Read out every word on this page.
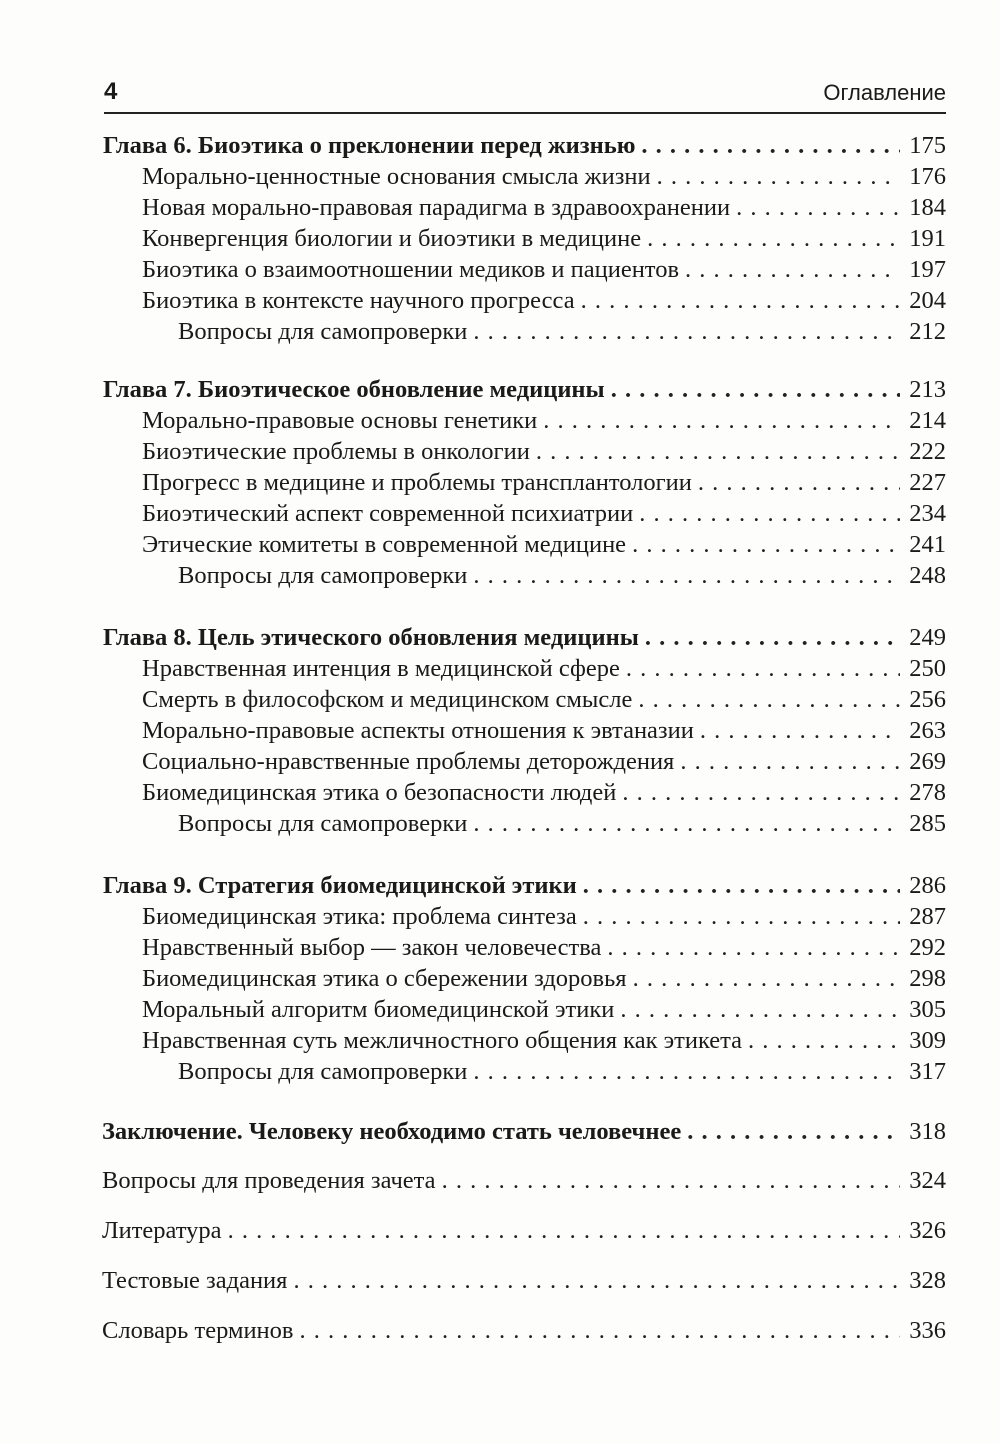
4	Оглавление
Глава 6. Биоэтика о преклонении перед жизнью . . .	175
Морально-ценностные основания смысла жизни . . .	176
Новая морально-правовая парадигма в здравоохранении . . .	184
Конвергенция биологии и биоэтики в медицине . . .	191
Биоэтика о взаимоотношении медиков и пациентов . . .	197
Биоэтика в контексте научного прогресса . . .	204
Вопросы для самопроверки . . .	212
Глава 7. Биоэтическое обновление медицины . . .	213
Морально-правовые основы генетики . . .	214
Биоэтические проблемы в онкологии . . .	222
Прогресс в медицине и проблемы трансплантологии . . .	227
Биоэтический аспект современной психиатрии . . .	234
Этические комитеты в современной медицине . . .	241
Вопросы для самопроверки . . .	248
Глава 8. Цель этического обновления медицины . . .	249
Нравственная интенция в медицинской сфере . . .	250
Смерть в философском и медицинском смысле . . .	256
Морально-правовые аспекты отношения к эвтаназии . . .	263
Социально-нравственные проблемы деторождения . . .	269
Биомедицинская этика о безопасности людей . . .	278
Вопросы для самопроверки . . .	285
Глава 9. Стратегия биомедицинской этики . . .	286
Биомедицинская этика: проблема синтеза . . .	287
Нравственный выбор — закон человечества . . .	292
Биомедицинская этика о сбережении здоровья . . .	298
Моральный алгоритм биомедицинской этики . . .	305
Нравственная суть межличностного общения как этикета . . .	309
Вопросы для самопроверки . . .	317
Заключение. Человеку необходимо стать человечнее . . .	318
Вопросы для проведения зачета . . .	324
Литература . . .	326
Тестовые задания . . .	328
Словарь терминов . . .	336
